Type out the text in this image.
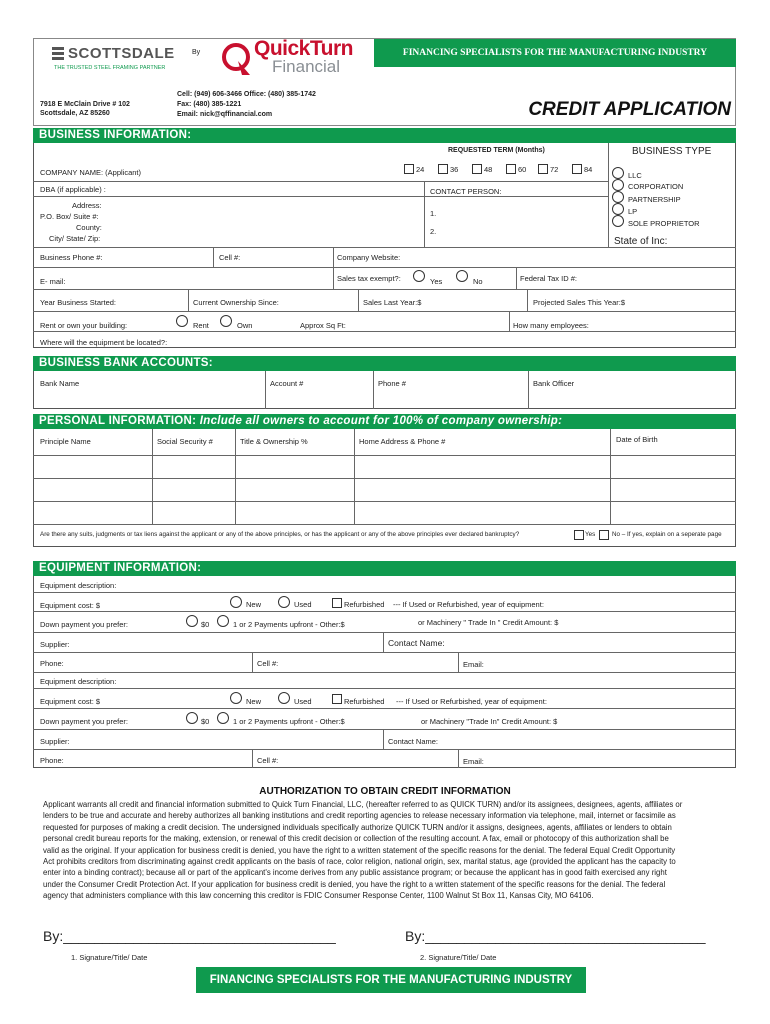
SCOTTSDALE
THE TRUSTED STEEL FRAMING PARTNER
By	QuickTurn
Financial
FINANCING SPECIALISTS FOR THE MANUFACTURING INDUSTRY
7918 E McClain Drive # 102
Scottsdale, AZ 85260
Cell: (949) 606-3466 Office: (480) 385-1742
Fax: (480) 385-1221
Email: nick@qffinancial.com	CREDIT APPLICATION
BUSINESS INFORMATION:
REQUESTED TERM (Months)	BUSINESS TYPE
COMPANY NAME: (Applicant)	24	36	48	60	72	84
LLC
CORPORATION
PARTNERSHIP
LP
SOLE PROPRIETOR
State of Inc:
DBA (if applicable) :	CONTACT PERSON:
Address:
P.O. Box/ Suite #:
County:
City/ State/ Zip:
1.
2.
Business Phone #:	Cell #:	Company Website:
E- mail:	Sales tax exempt?:	Yes	No	Federal Tax ID #:
Year Business Started:	Current Ownership Since:	Sales Last Year:$	Projected Sales This Year:$
Rent or own your building:	Rent	Own	Approx Sq Ft:	How many employees:
Where will the equipment be located?:
BUSINESS BANK ACCOUNTS:
Bank Name	Account #	Phone #	Bank Officer
PERSONAL INFORMATION: Include all owners to account for 100% of company ownership:
Principle Name	Social Security #	Title & Ownership %	Home Address & Phone #	Date of Birth
Are there any suits, judgments or tax liens against the applicant or any of the above principles, or has the applicant or any of the above principles ever declared bankruptcy?	Yes	No – If yes, explain on a seperate page
EQUIPMENT INFORMATION:
Equipment description:
Equipment cost: $	New	Used	Refurbished --- If Used or Refurbished, year of equipment:
Down payment you prefer:	$0	1 or 2 Payments upfront - Other:$	or Machinery " Trade In " Credit Amount: $
Supplier:	Contact Name:
Phone:	Cell #:	Email:
Equipment description:
Equipment cost: $	New	Used	Refurbished --- If Used or Refurbished, year of equipment:
Down payment you prefer:	$0	1 or 2 Payments upfront - Other:$	or Machinery "Trade In" Credit Amount: $
Supplier:	Contact Name:
Phone:	Cell #:	Email:
AUTHORIZATION TO OBTAIN CREDIT INFORMATION
Applicant warrants all credit and financial information submitted to Quick Turn Financial, LLC, (hereafter referred to as QUICK TURN) and/or its assignees, designees, agents, affiliates or
lenders to be true and accurate and hereby authorizes all banking institutions and credit reporting agencies to release necessary information via telephone, mail, internet or facsimile as
requested for purposes of making a credit decision. The undersigned individuals specifically authorize QUICK TURN and/or it assigns, designees, agents, affiliates or lenders to obtain
personal credit bureau reports for the making, extension, or renewal of this credit decision or collection of the resulting account. A fax, email or photocopy of this authorization shall be
valid as the original. If your application for business credit is denied, you have the right to a written statement of the specific reasons for the denial. The federal Equal Credit Opportunity
Act prohibits creditors from discriminating against credit applicants on the basis of race, color religion, national origin, sex, marital status, age (provided the applicant has the capacity to
enter into a binding contract); because all or part of the applicant's income derives from any public assistance program; or because the applicant has in good faith exercised any right
under the Consumer Credit Protection Act. If your application for business credit is denied, you have the right to a written statement of the specific reasons for the denial. The federal
agency that administers compliance with this law concerning this creditor is FDIC Consumer Response Center, 1100 Walnut St Box 11, Kansas City, MO 64106.
By:___________________________________	By:____________________________________
1. Signature/Title/ Date	2. Signature/Title/ Date
FINANCING SPECIALISTS FOR THE MANUFACTURING INDUSTRY
